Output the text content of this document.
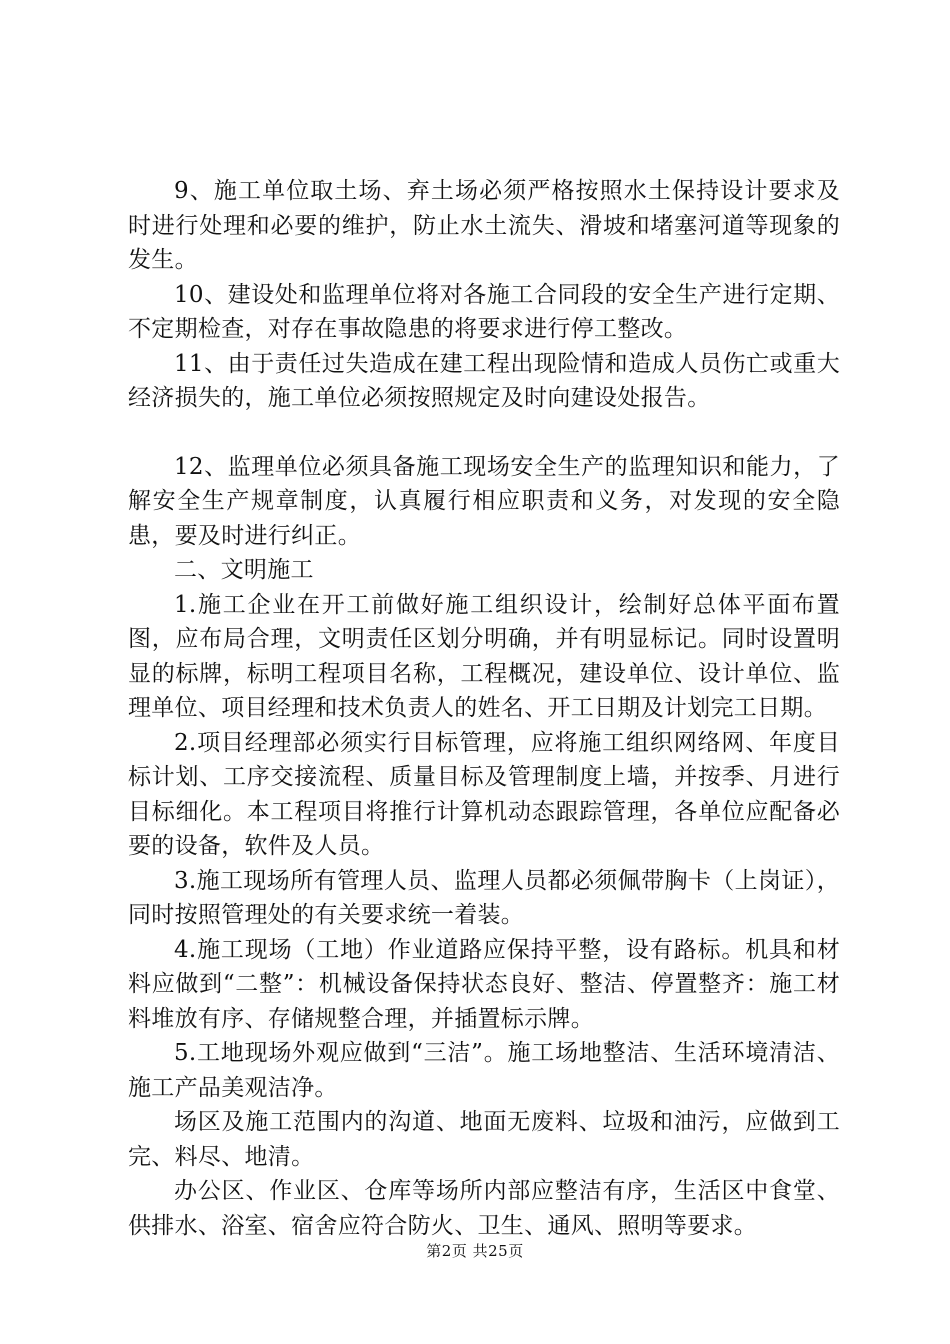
9、施工单位取土场、弃土场必须严格按照水土保持设计要求及时进行处理和必要的维护，防止水土流失、滑坡和堵塞河道等现象的发生。

10、建设处和监理单位将对各施工合同段的安全生产进行定期、不定期检查，对存在事故隐患的将要求进行停工整改。

11、由于责任过失造成在建工程出现险情和造成人员伤亡或重大经济损失的，施工单位必须按照规定及时向建设处报告。

12、监理单位必须具备施工现场安全生产的监理知识和能力，了解安全生产规章制度，认真履行相应职责和义务，对发现的安全隐患，要及时进行纠正。

二、文明施工

1.施工企业在开工前做好施工组织设计，绘制好总体平面布置图，应布局合理，文明责任区划分明确，并有明显标记。同时设置明显的标牌，标明工程项目名称，工程概况，建设单位、设计单位、监理单位、项目经理和技术负责人的姓名、开工日期及计划完工日期。

2.项目经理部必须实行目标管理，应将施工组织网络网、年度目标计划、工序交接流程、质量目标及管理制度上墙，并按季、月进行目标细化。本工程项目将推行计算机动态跟踪管理，各单位应配备必要的设备，软件及人员。

3.施工现场所有管理人员、监理人员都必须佩带胸卡（上岗证），同时按照管理处的有关要求统一着装。

4.施工现场（工地）作业道路应保持平整，设有路标。机具和材料应做到“二整”：机械设备保持状态良好、整洁、停置整齐：施工材料堆放有序、存储规整合理，并插置标示牌。

5.工地现场外观应做到“三洁”。施工场地整洁、生活环境清洁、施工产品美观洁净。

场区及施工范围内的沟道、地面无废料、垃圾和油污，应做到工完、料尽、地清。

办公区、作业区、仓库等场所内部应整洁有序，生活区中食堂、供排水、浴室、宿舍应符合防火、卫生、通风、照明等要求。

第2页 共25页
